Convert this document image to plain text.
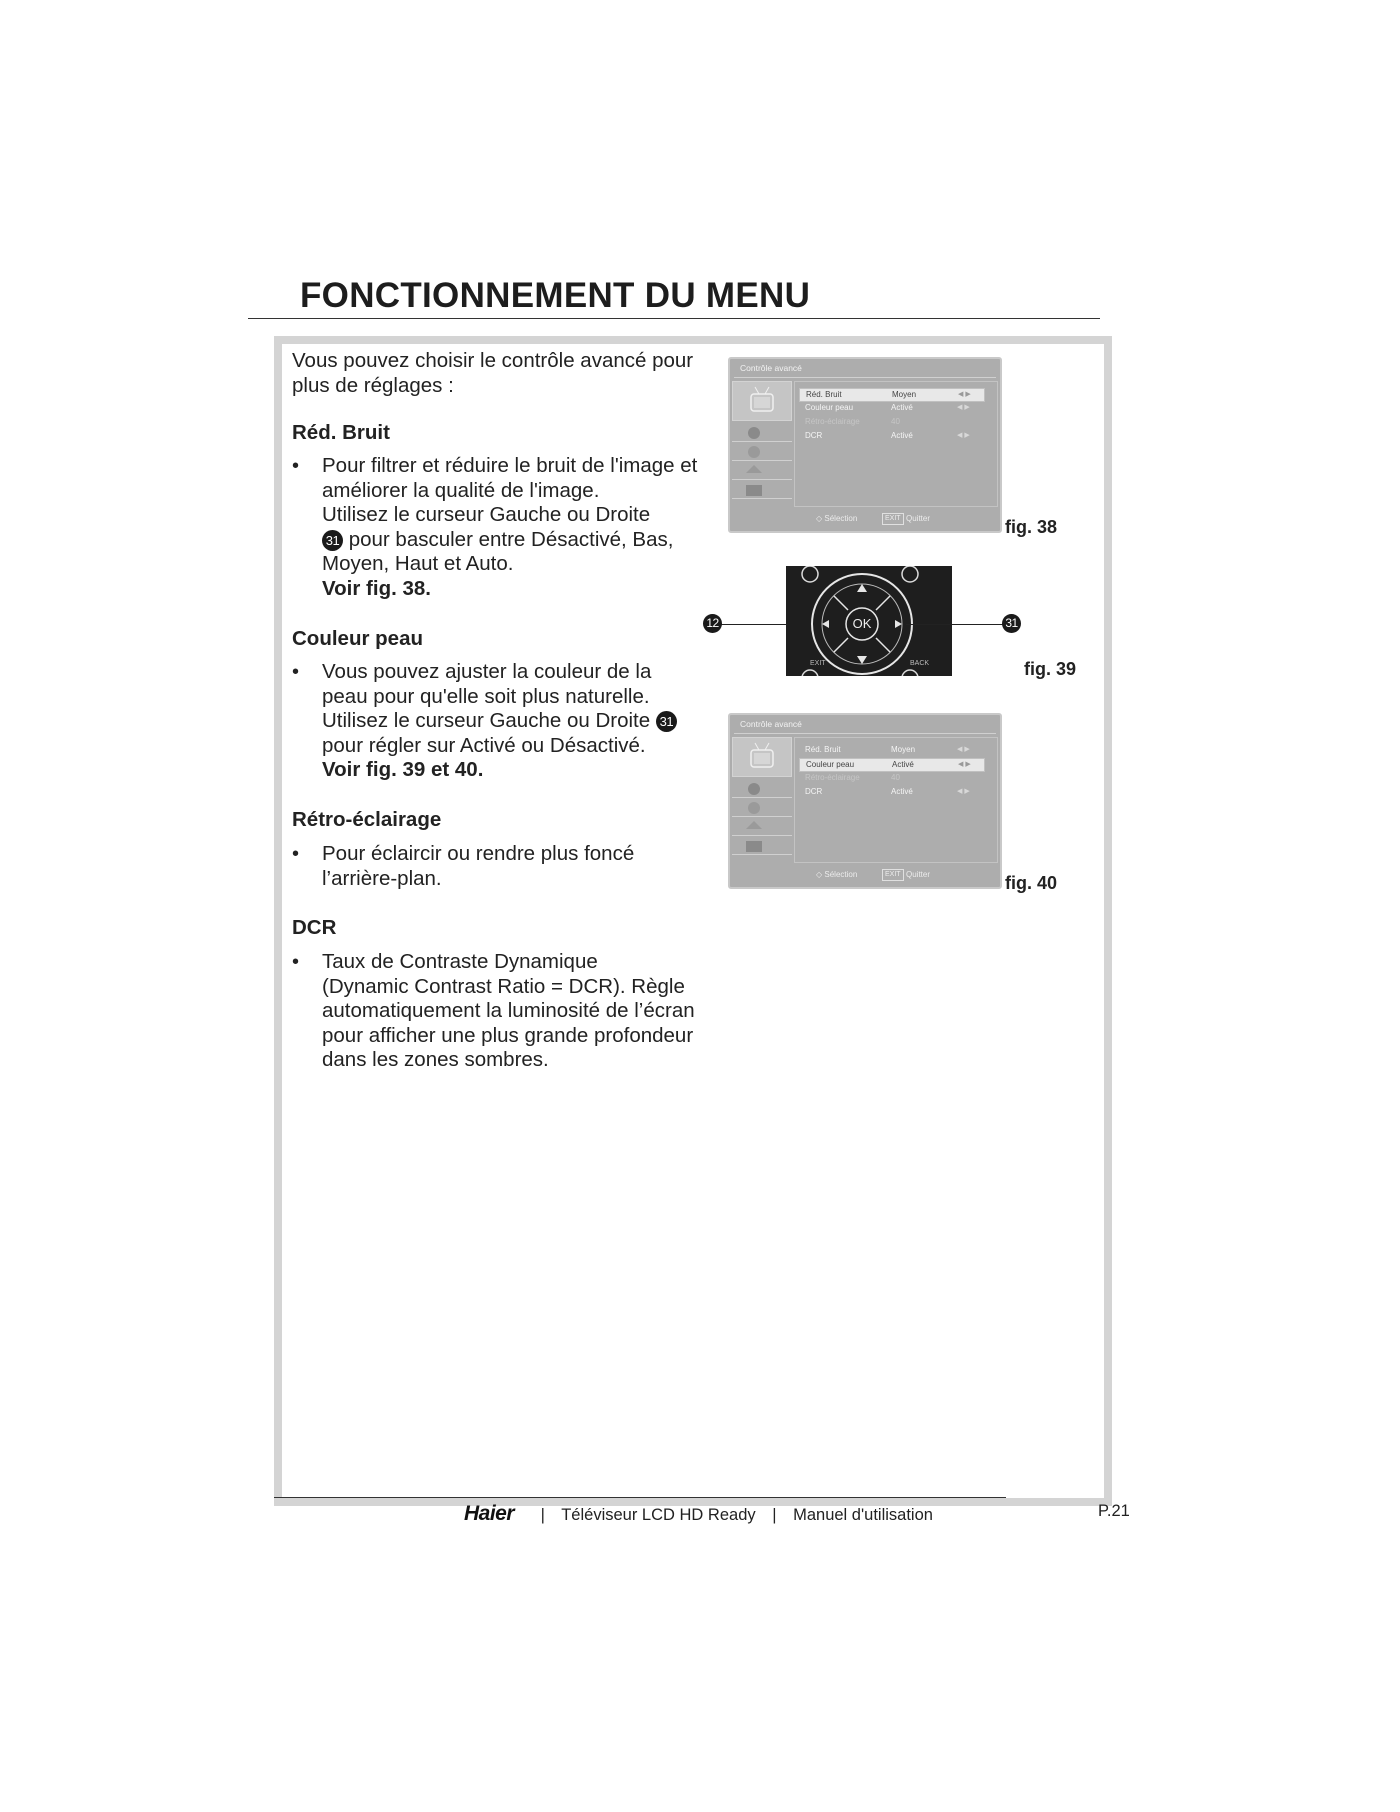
FONCTIONNEMENT DU MENU
Vous pouvez choisir le contrôle avancé pour
plus de réglages :
Réd. Bruit
• Pour filtrer et réduire le bruit de l'image et
améliorer la qualité de l'image.
Utilisez le curseur Gauche ou Droite
31 pour basculer entre Désactivé, Bas,
Moyen, Haut et Auto.
Voir fig. 38.
Couleur peau
• Vous pouvez ajuster la couleur de la
peau pour qu'elle soit plus naturelle.
Utilisez le curseur Gauche ou Droite 31
pour régler sur Activé ou Désactivé.
Voir fig. 39 et 40.
Rétro-éclairage
• Pour éclaircir ou rendre plus foncé
l’arrière-plan.
DCR
• Taux de Contraste Dynamique
(Dynamic Contrast Ratio = DCR). Règle
automatiquement la luminosité de l’écran
pour afficher une plus grande profondeur
dans les zones sombres.
Contrôle avancé
Réd. Bruit	Moyen	◀ ▶
Couleur peau	Activé	◀ ▶
Rétro-éclairage	40
DCR	Activé	◀ ▶
◇ Sélection	EXIT Quitter	fig. 38
OK
EXIT	BACK
12	31
fig. 39
Contrôle avancé
Réd. Bruit	Moyen	◀ ▶
Couleur peau	Activé	◀ ▶
Rétro-éclairage	40
DCR	Activé	◀ ▶
◇ Sélection	EXIT Quitter	fig. 40
Haier | Téléviseur LCD HD Ready | Manuel d'utilisation	P.21
